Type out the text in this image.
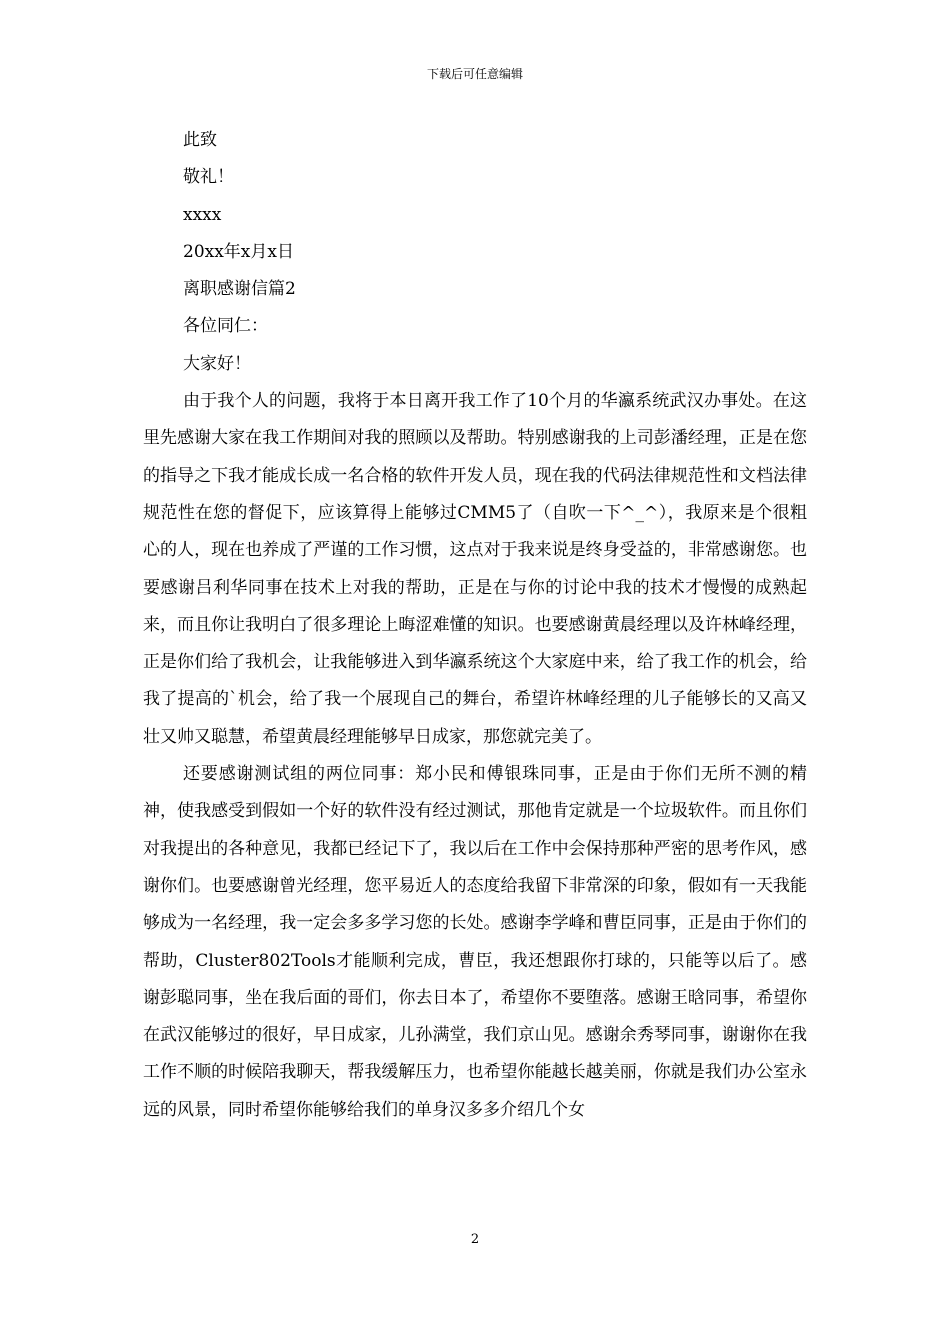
下载后可任意编辑

此致

敬礼！

xxxx

20xx年x月x日

离职感谢信篇2

各位同仁：

大家好！

由于我个人的问题，我将于本日离开我工作了10个月的华瀛系统武汉办事处。在这里先感谢大家在我工作期间对我的照顾以及帮助。特别感谢我的上司彭潘经理，正是在您的指导之下我才能成长成一名合格的软件开发人员，现在我的代码法律规范性和文档法律规范性在您的督促下，应该算得上能够过CMM5了（自吹一下^_^），我原来是个很粗心的人，现在也养成了严谨的工作习惯，这点对于我来说是终身受益的，非常感谢您。也要感谢吕利华同事在技术上对我的帮助，正是在与你的讨论中我的技术才慢慢的成熟起来，而且你让我明白了很多理论上晦涩难懂的知识。也要感谢黄晨经理以及许林峰经理，正是你们给了我机会，让我能够进入到华瀛系统这个大家庭中来，给了我工作的机会，给我了提高的`机会，给了我一个展现自己的舞台，希望许林峰经理的儿子能够长的又高又壮又帅又聪慧，希望黄晨经理能够早日成家，那您就完美了。

还要感谢测试组的两位同事：郑小民和傅银珠同事，正是由于你们无所不测的精神，使我感受到假如一个好的软件没有经过测试，那他肯定就是一个垃圾软件。而且你们对我提出的各种意见，我都已经记下了，我以后在工作中会保持那种严密的思考作风，感谢你们。也要感谢曾光经理，您平易近人的态度给我留下非常深的印象，假如有一天我能够成为一名经理，我一定会多多学习您的长处。感谢李学峰和曹臣同事，正是由于你们的帮助，Cluster802Tools才能顺利完成，曹臣，我还想跟你打球的，只能等以后了。感谢彭聪同事，坐在我后面的哥们，你去日本了，希望你不要堕落。感谢王晗同事，希望你在武汉能够过的很好，早日成家，儿孙满堂，我们京山见。感谢余秀琴同事，谢谢你在我工作不顺的时候陪我聊天，帮我缓解压力，也希望你能越长越美丽，你就是我们办公室永远的风景，同时希望你能够给我们的单身汉多多介绍几个女

2
